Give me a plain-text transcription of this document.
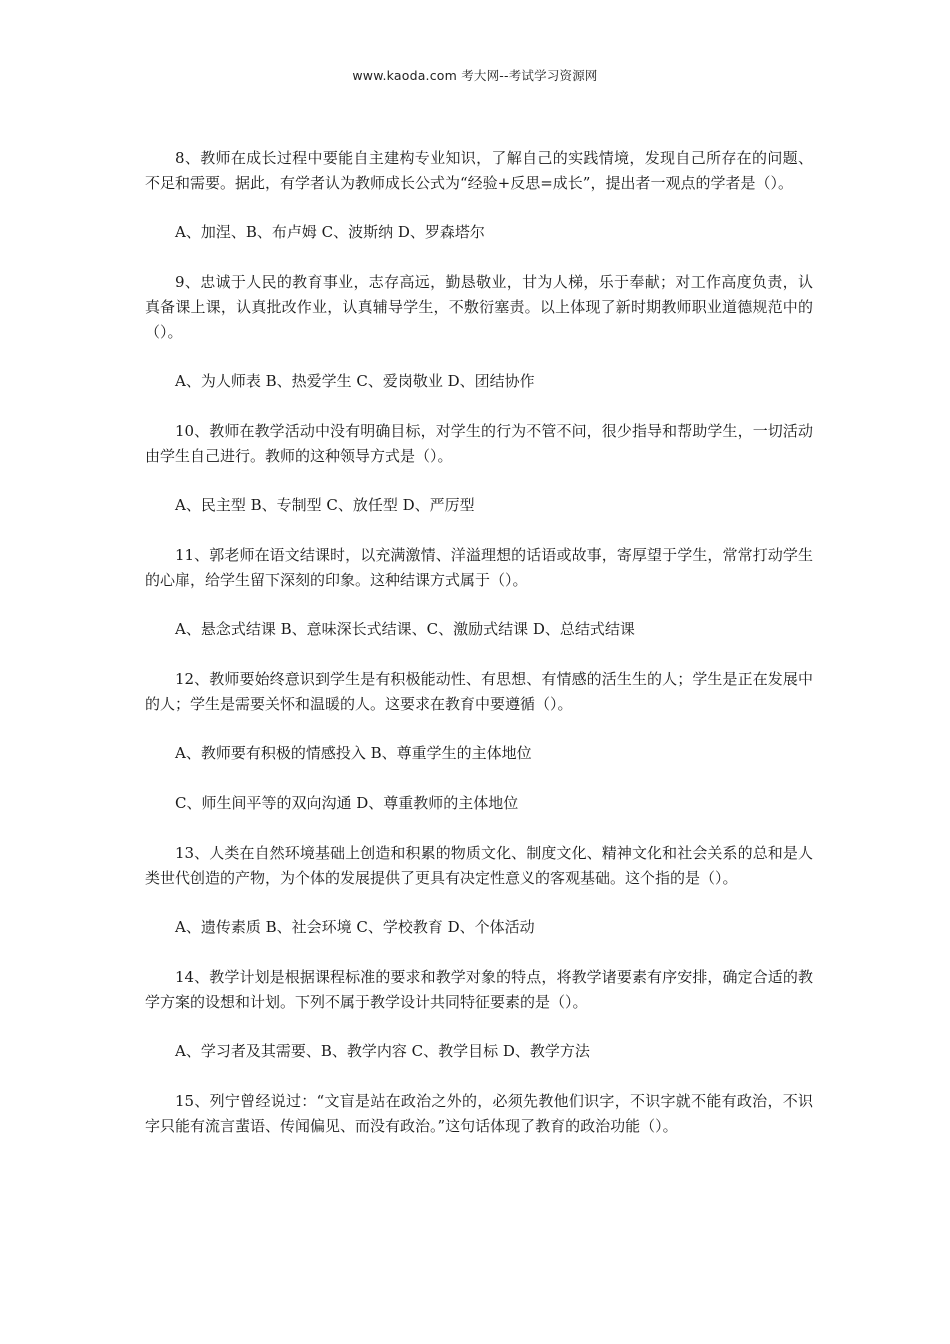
www.kaoda.com 考大网--考试学习资源网

8、教师在成长过程中要能自主建构专业知识，了解自己的实践情境，发现自己所存在的问题、不足和需要。据此，有学者认为教师成长公式为“经验+反思=成长”，提出者一观点的学者是（）。

A、加涅、B、布卢姆 C、波斯纳 D、罗森塔尔

9、忠诚于人民的教育事业，志存高远，勤恳敬业，甘为人梯，乐于奉献；对工作高度负责，认真备课上课，认真批改作业，认真辅导学生，不敷衍塞责。以上体现了新时期教师职业道德规范中的（）。

A、为人师表 B、热爱学生 C、爱岗敬业 D、团结协作

10、教师在教学活动中没有明确目标，对学生的行为不管不问，很少指导和帮助学生，一切活动由学生自己进行。教师的这种领导方式是（）。

A、民主型 B、专制型 C、放任型 D、严厉型

11、郭老师在语文结课时，以充满激情、洋溢理想的话语或故事，寄厚望于学生，常常打动学生的心扉，给学生留下深刻的印象。这种结课方式属于（）。

A、悬念式结课 B、意味深长式结课、C、激励式结课 D、总结式结课

12、教师要始终意识到学生是有积极能动性、有思想、有情感的活生生的人；学生是正在发展中的人；学生是需要关怀和温暖的人。这要求在教育中要遵循（）。

A、教师要有积极的情感投入 B、尊重学生的主体地位

C、师生间平等的双向沟通 D、尊重教师的主体地位

13、人类在自然环境基础上创造和积累的物质文化、制度文化、精神文化和社会关系的总和是人类世代创造的产物，为个体的发展提供了更具有决定性意义的客观基础。这个指的是（）。

A、遗传素质 B、社会环境 C、学校教育 D、个体活动

14、教学计划是根据课程标准的要求和教学对象的特点，将教学诸要素有序安排，确定合适的教学方案的设想和计划。下列不属于教学设计共同特征要素的是（）。

A、学习者及其需要、B、教学内容 C、教学目标 D、教学方法

15、列宁曾经说过：“文盲是站在政治之外的，必须先教他们识字，不识字就不能有政治，不识字只能有流言蜚语、传闻偏见、而没有政治。”这句话体现了教育的政治功能（）。
